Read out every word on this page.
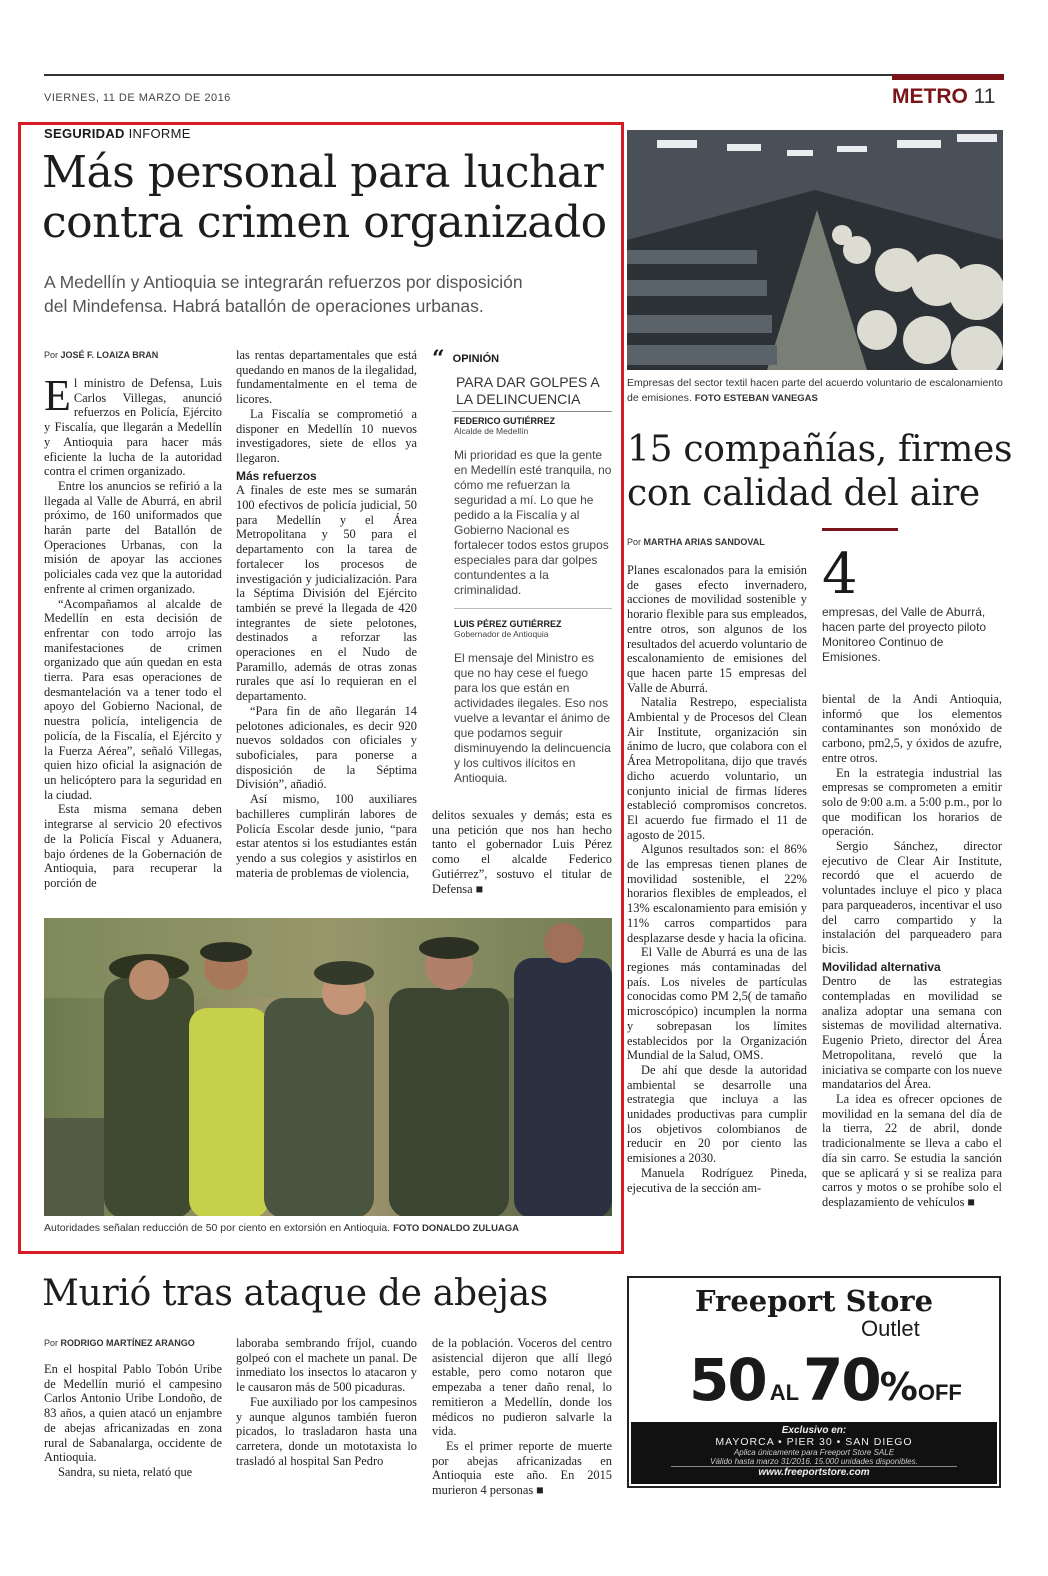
VIERNES, 11 DE MARZO DE 2016	METRO 11
SEGURIDAD INFORME
Más personal para luchar
contra crimen organizado
A Medellín y Antioquia se integrarán refuerzos por disposición
del Mindefensa. Habrá batallón de operaciones urbanas.
Por JOSÉ F. LOAIZA BRAN

El ministro de Defensa, Luis Carlos Villegas, anunció refuerzos en Policía, Ejército y Fiscalía, que llegarán a Medellín y Antioquia para hacer más eficiente la lucha de la autoridad contra el crimen organizado.

Entre los anuncios se refirió a la llegada al Valle de Aburrá, en abril próximo, de 160 uniformados que harán parte del Batallón de Operaciones Urbanas, con la misión de apoyar las acciones policiales cada vez que la autoridad enfrente al crimen organizado.

“Acompañamos al alcalde de Medellín en esta decisión de enfrentar con todo arrojo las manifestaciones de crimen organizado que aún quedan en esta tierra. Para esas operaciones de desmantelación va a tener todo el apoyo del Gobierno Nacional, de nuestra policía, inteligencia de policía, de la Fiscalía, el Ejército y la Fuerza Aérea”, señaló Villegas, quien hizo oficial la asignación de un helicóptero para la seguridad en la ciudad.

Esta misma semana deben integrarse al servicio 20 efectivos de la Policía Fiscal y Aduanera, bajo órdenes de la Gobernación de Antioquia, para recuperar la porción de

las rentas departamentales que está quedando en manos de la ilegalidad, fundamentalmente en el tema de licores.

La Fiscalía se comprometió a disponer en Medellín 10 nuevos investigadores, siete de ellos ya llegaron.

Más refuerzos

A finales de este mes se sumarán 100 efectivos de policía judicial, 50 para Medellín y el Área Metropolitana y 50 para el departamento con la tarea de fortalecer los procesos de investigación y judicialización. Para la Séptima División del Ejército también se prevé la llegada de 420 integrantes de siete pelotones, destinados a reforzar las operaciones en el Nudo de Paramillo, además de otras zonas rurales que así lo requieran en el departamento.

“Para fin de año llegarán 14 pelotones adicionales, es decir 920 nuevos soldados con oficiales y suboficiales, para ponerse a disposición de la Séptima División”, añadió.

Así mismo, 100 auxiliares bachilleres cumplirán labores de Policía Escolar desde junio, “para estar atentos si los estudiantes están yendo a sus colegios y asistirlos en materia de problemas de violencia,

“ OPINIÓN
PARA DAR GOLPES A
LA DELINCUENCIA
FEDERICO GUTIÉRREZ
Alcalde de Medellín
Mi prioridad es que la gente en Medellín esté tranquila, no cómo me refuerzan la seguridad a mí. Lo que he pedido a la Fiscalía y al Gobierno Nacional es fortalecer todos estos grupos especiales para dar golpes contundentes a la criminalidad.
LUIS PÉREZ GUTIÉRREZ
Gobernador de Antioquia
El mensaje del Ministro es que no hay cese el fuego para los que están en actividades ilegales. Eso nos vuelve a levantar el ánimo de que podamos seguir disminuyendo la delincuencia y los cultivos ilícitos en Antioquia.

delitos sexuales y demás; esta es una petición que nos han hecho tanto el gobernador Luis Pérez como el alcalde Federico Gutiérrez”, sostuvo el titular de Defensa ■

Autoridades señalan reducción de 50 por ciento en extorsión en Antioquia. FOTO DONALDO ZULUAGA
Empresas del sector textil hacen parte del acuerdo voluntario de escalonamiento de emisiones. FOTO ESTEBAN VANEGAS
15 compañías, firmes
con calidad del aire
Por MARTHA ARIAS SANDOVAL 4
empresas, del Valle de Aburrá, hacen parte del proyecto piloto Monitoreo Continuo de Emisiones.

Planes escalonados para la emisión de gases efecto invernadero, acciones de movilidad sostenible y horario flexible para sus empleados, entre otros, son algunos de los resultados del acuerdo voluntario de escalonamiento de emisiones del que hacen parte 15 empresas del Valle de Aburrá.

Natalia Restrepo, especialista Ambiental y de Procesos del Clean Air Institute, organización sin ánimo de lucro, que colabora con el Área Metropolitana, dijo que través dicho acuerdo voluntario, un conjunto inicial de firmas líderes estableció compromisos concretos. El acuerdo fue firmado el 11 de agosto de 2015.

Algunos resultados son: el 86% de las empresas tienen planes de movilidad sostenible, el 22% horarios flexibles de empleados, el 13% escalonamiento para emisión y 11% carros compartidos para desplazarse desde y hacia la oficina.

El Valle de Aburrá es una de las regiones más contaminadas del país. Los niveles de partículas conocidas como PM 2,5( de tamaño microscópico) incumplen la norma y sobrepasan los límites establecidos por la Organización Mundial de la Salud, OMS.

De ahí que desde la autoridad ambiental se desarrolle una estrategia que incluya a las unidades productivas para cumplir los objetivos colombianos de reducir en 20 por ciento las emisiones a 2030.

Manuela Rodríguez Pineda, ejecutiva de la sección am-

biental de la Andi Antioquia, informó que los elementos contaminantes son monóxido de carbono, pm2,5, y óxidos de azufre, entre otros.

En la estrategia industrial las empresas se comprometen a emitir solo de 9:00 a.m. a 5:00 p.m., por lo que modifican los horarios de operación.

Sergio Sánchez, director ejecutivo de Clear Air Institute, recordó que el acuerdo de voluntades incluye el pico y placa para parqueaderos, incentivar el uso del carro compartido y la instalación del parqueadero para bicis.

Movilidad alternativa

Dentro de las estrategias contempladas en movilidad se analiza adoptar una semana con sistemas de movilidad alternativa. Eugenio Prieto, director del Área Metropolitana, reveló que la iniciativa se comparte con los nueve mandatarios del Área.

La idea es ofrecer opciones de movilidad en la semana del día de la tierra, 22 de abril, donde tradicionalmente se lleva a cabo el día sin carro. Se estudia la sanción que se aplicará y si se realiza para carros y motos o se prohíbe solo el desplazamiento de vehículos ■

Murió tras ataque de abejas
Por RODRIGO MARTÍNEZ ARANGO

En el hospital Pablo Tobón Uribe de Medellín murió el campesino Carlos Antonio Uribe Londoño, de 83 años, a quien atacó un enjambre de abejas africanizadas en zona rural de Sabanalarga, occidente de Antioquia.

Sandra, su nieta, relató que

laboraba sembrando fríjol, cuando golpeó con el machete un panal. De inmediato los insectos lo atacaron y le causaron más de 500 picaduras.

Fue auxiliado por los campesinos y aunque algunos también fueron picados, lo trasladaron hasta una carretera, donde un mototaxista lo trasladó al hospital San Pedro

de la población. Voceros del centro asistencial dijeron que allí llegó estable, pero como notaron que empezaba a tener daño renal, lo remitieron a Medellín, donde los médicos no pudieron salvarle la vida.

Es el primer reporte de muerte por abejas africanizadas en Antioquia este año. En 2015 murieron 4 personas ■

Freeport Store
Outlet
50 AL 70 % OFF
Exclusivo en:
MAYORCA • PIER 30 • SAN DIEGO
Aplica únicamente para Freeport Store SALE
Válido hasta marzo 31/2016. 15.000 unidades disponibles.
www.freeportstore.com
